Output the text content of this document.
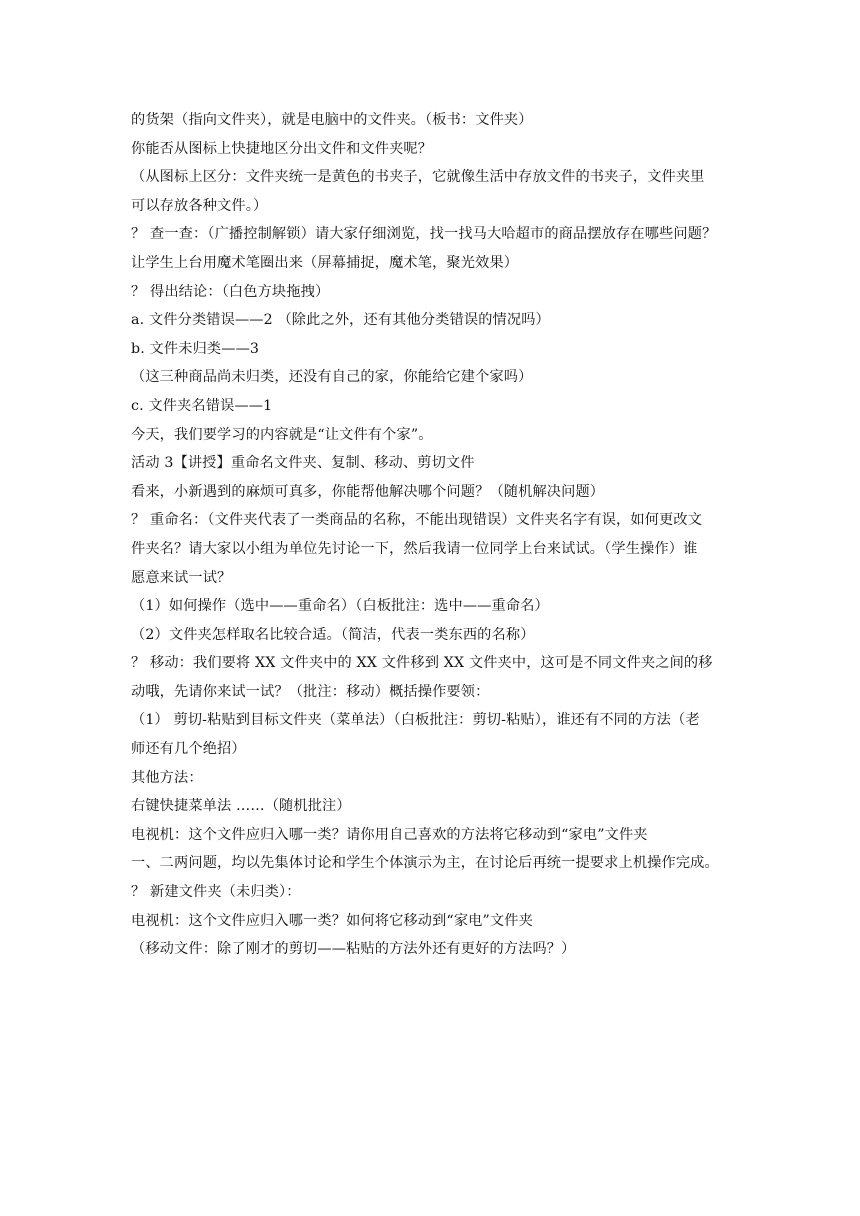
的货架（指向文件夹），就是电脑中的文件夹。（板书：文件夹）
你能否从图标上快捷地区分出文件和文件夹呢？
（从图标上区分：文件夹统一是黄色的书夹子，它就像生活中存放文件的书夹子，文件夹里
可以存放各种文件。）
？ 查一查：（广播控制解锁）请大家仔细浏览，找一找马大哈超市的商品摆放存在哪些问题？
让学生上台用魔术笔圈出来（屏幕捕捉，魔术笔，聚光效果）
？ 得出结论：（白色方块拖拽）
a. 文件分类错误——2 （除此之外，还有其他分类错误的情况吗）
b. 文件未归类——3
（这三种商品尚未归类，还没有自己的家，你能给它建个家吗）
c. 文件夹名错误——1
今天，我们要学习的内容就是“让文件有个家”。
活动 3【讲授】重命名文件夹、复制、移动、剪切文件
看来，小新遇到的麻烦可真多，你能帮他解决哪个问题？（随机解决问题）
？ 重命名：（文件夹代表了一类商品的名称，不能出现错误）文件夹名字有误，如何更改文
件夹名？请大家以小组为单位先讨论一下，然后我请一位同学上台来试试。（学生操作）谁
愿意来试一试？
（1）如何操作（选中——重命名）（白板批注：选中——重命名）
（2）文件夹怎样取名比较合适。（简洁，代表一类东西的名称）
？ 移动：我们要将 XX 文件夹中的 XX 文件移到 XX 文件夹中，这可是不同文件夹之间的移
动哦，先请你来试一试？（批注：移动）概括操作要领：
（1） 剪切-粘贴到目标文件夹（菜单法）（白板批注：剪切-粘贴），谁还有不同的方法（老
师还有几个绝招）
其他方法：
右键快捷菜单法 ……（随机批注）
电视机：这个文件应归入哪一类？请你用自己喜欢的方法将它移动到“家电”文件夹
一、二两问题，均以先集体讨论和学生个体演示为主，在讨论后再统一提要求上机操作完成。
？ 新建文件夹（未归类）：
电视机：这个文件应归入哪一类？如何将它移动到“家电”文件夹
（移动文件：除了刚才的剪切——粘贴的方法外还有更好的方法吗？）
